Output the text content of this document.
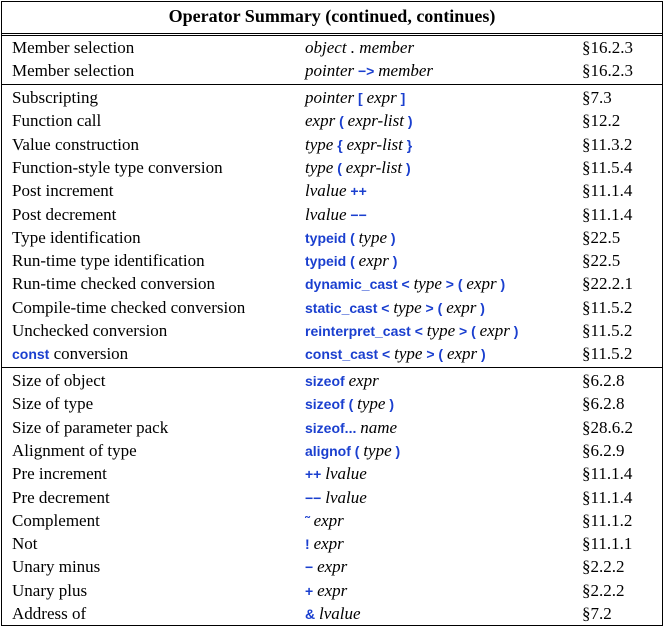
Operator Summary (continued, continues)
Member selection	object . member	§16.2.3
Member selection	pointer −> member	§16.2.3
Subscripting	pointer [ expr ]	§7.3
Function call	expr ( expr-list )	§12.2
Value construction	type { expr-list }	§11.3.2
Function-style type conversion	type ( expr-list )	§11.5.4
Post increment	lvalue ++	§11.1.4
Post decrement	lvalue −−	§11.1.4
Type identification	typeid ( type )	§22.5
Run-time type identification	typeid ( expr )	§22.5
Run-time checked conversion	dynamic_cast < type > ( expr )	§22.2.1
Compile-time checked conversion	static_cast < type > ( expr )	§11.5.2
Unchecked conversion	reinterpret_cast < type > ( expr )	§11.5.2
const conversion	const_cast < type > ( expr )	§11.5.2
Size of object	sizeof expr	§6.2.8
Size of type	sizeof ( type )	§6.2.8
Size of parameter pack	sizeof... name	§28.6.2
Alignment of type	alignof ( type )	§6.2.9
Pre increment	++ lvalue	§11.1.4
Pre decrement	−− lvalue	§11.1.4
Complement	˜ expr	§11.1.2
Not	! expr	§11.1.1
Unary minus	− expr	§2.2.2
Unary plus	+ expr	§2.2.2
Address of	& lvalue	§7.2
